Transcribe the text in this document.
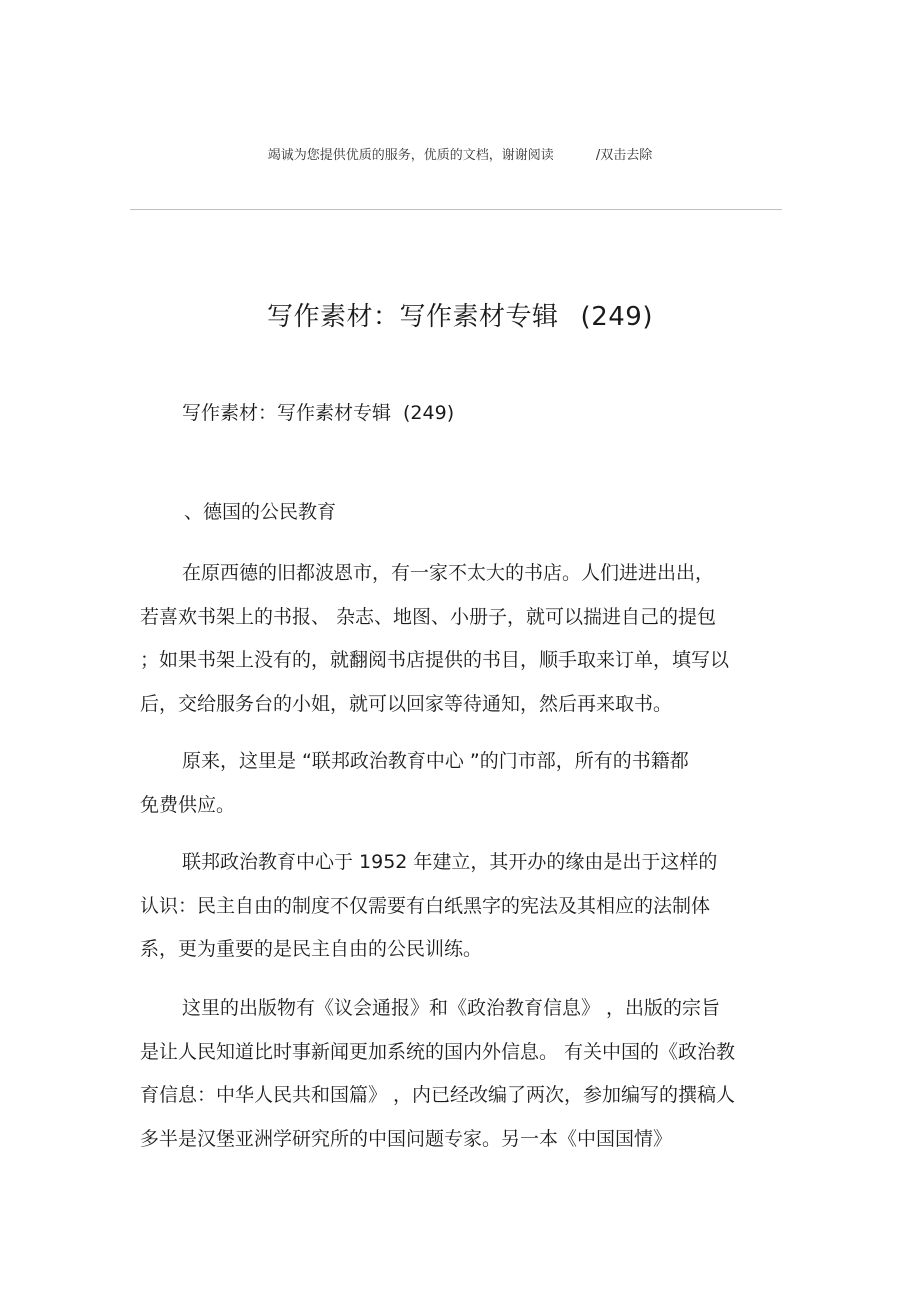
竭诚为您提供优质的服务，优质的文档，谢谢阅读	/双击去除
写作素材：写作素材专辑 (249)
写作素材：写作素材专辑 (249)
、德国的公民教育
在原西德的旧都波恩市，有一家不太大的书店。人们进进出出，
若喜欢书架上的书报、 杂志、地图、小册子，就可以揣进自己的提包
；如果书架上没有的，就翻阅书店提供的书目，顺手取来订单，填写以
后，交给服务台的小姐，就可以回家等待通知，然后再来取书。
原来，这里是 “联邦政治教育中心 ”的门市部，所有的书籍都
免费供应。
联邦政治教育中心于 1952 年建立，其开办的缘由是出于这样的
认识：民主自由的制度不仅需要有白纸黑字的宪法及其相应的法制体
系，更为重要的是民主自由的公民训练。
这里的出版物有《议会通报》和《政治教育信息》 ，出版的宗旨
是让人民知道比时事新闻更加系统的国内外信息。 有关中国的《政治教
育信息：中华人民共和国篇》 ，内已经改编了两次，参加编写的撰稿人
多半是汉堡亚洲学研究所的中国问题专家。另一本《中国国情》
